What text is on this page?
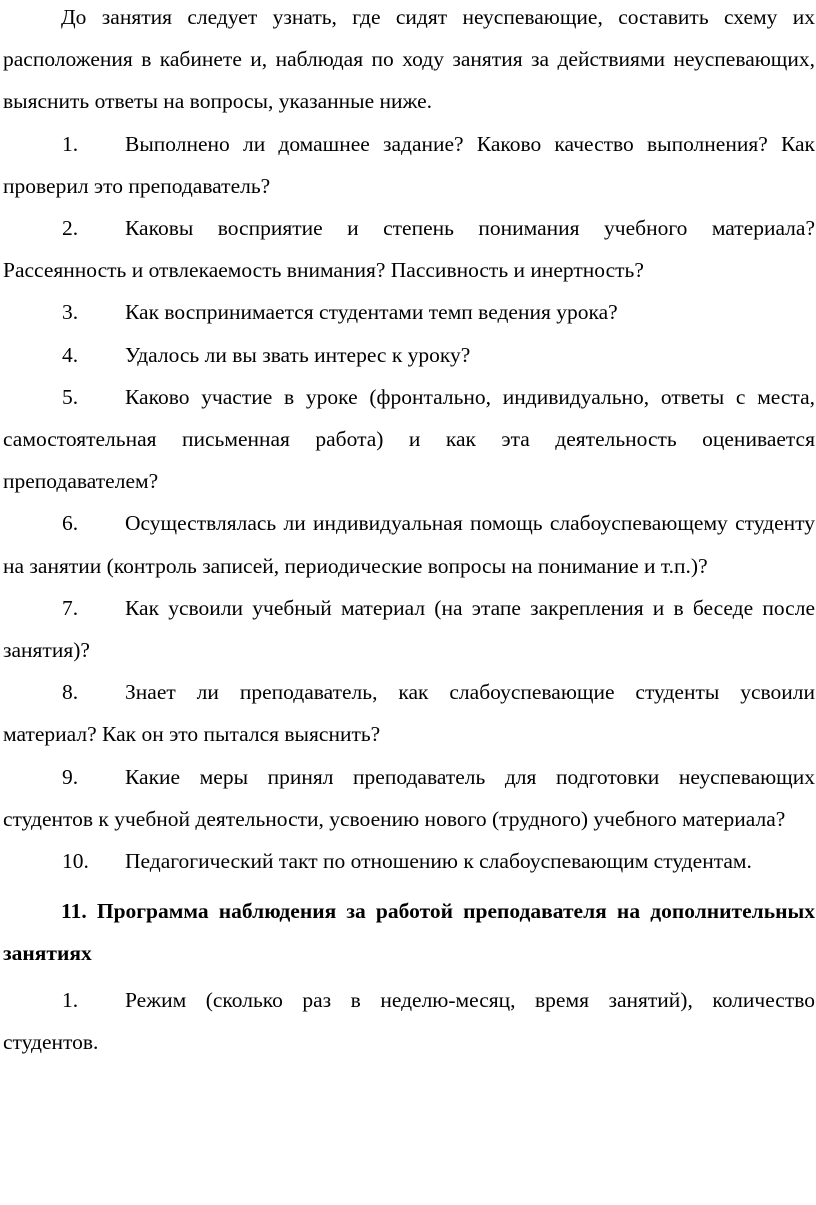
До занятия следует узнать, где сидят неуспевающие, составить схему их расположения в кабинете и, наблюдая по ходу занятия за действиями неуспевающих, выяснить ответы на вопросы, указанные ниже.

1. Выполнено ли домашнее задание? Каково качество выполнения? Как проверил это преподаватель?

2. Каковы восприятие и степень понимания учебного материала? Рассеянность и отвлекаемость внимания? Пассивность и инертность?

3. Как воспринимается студентами темп ведения урока?

4. Удалось ли вы звать интерес к уроку?

5. Каково участие в уроке (фронтально, индивидуально, ответы с места, самостоятельная письменная работа) и как эта деятельность оценивается преподавателем?

6. Осуществлялась ли индивидуальная помощь слабоуспевающему студенту на занятии (контроль записей, периодические вопросы на понимание и т.п.)?

7. Как усвоили учебный материал (на этапе закрепления и в беседе после занятия)?

8. Знает ли преподаватель, как слабоуспевающие студенты усвоили материал? Как он это пытался выяснить?

9. Какие меры принял преподаватель для подготовки неуспевающих студентов к учебной деятельности, усвоению нового (трудного) учебного материала?

10. Педагогический такт по отношению к слабоуспевающим студентам.

11. Программа наблюдения за работой преподавателя на дополнительных занятиях

1. Режим (сколько раз в неделю-месяц, время занятий), количество студентов.
